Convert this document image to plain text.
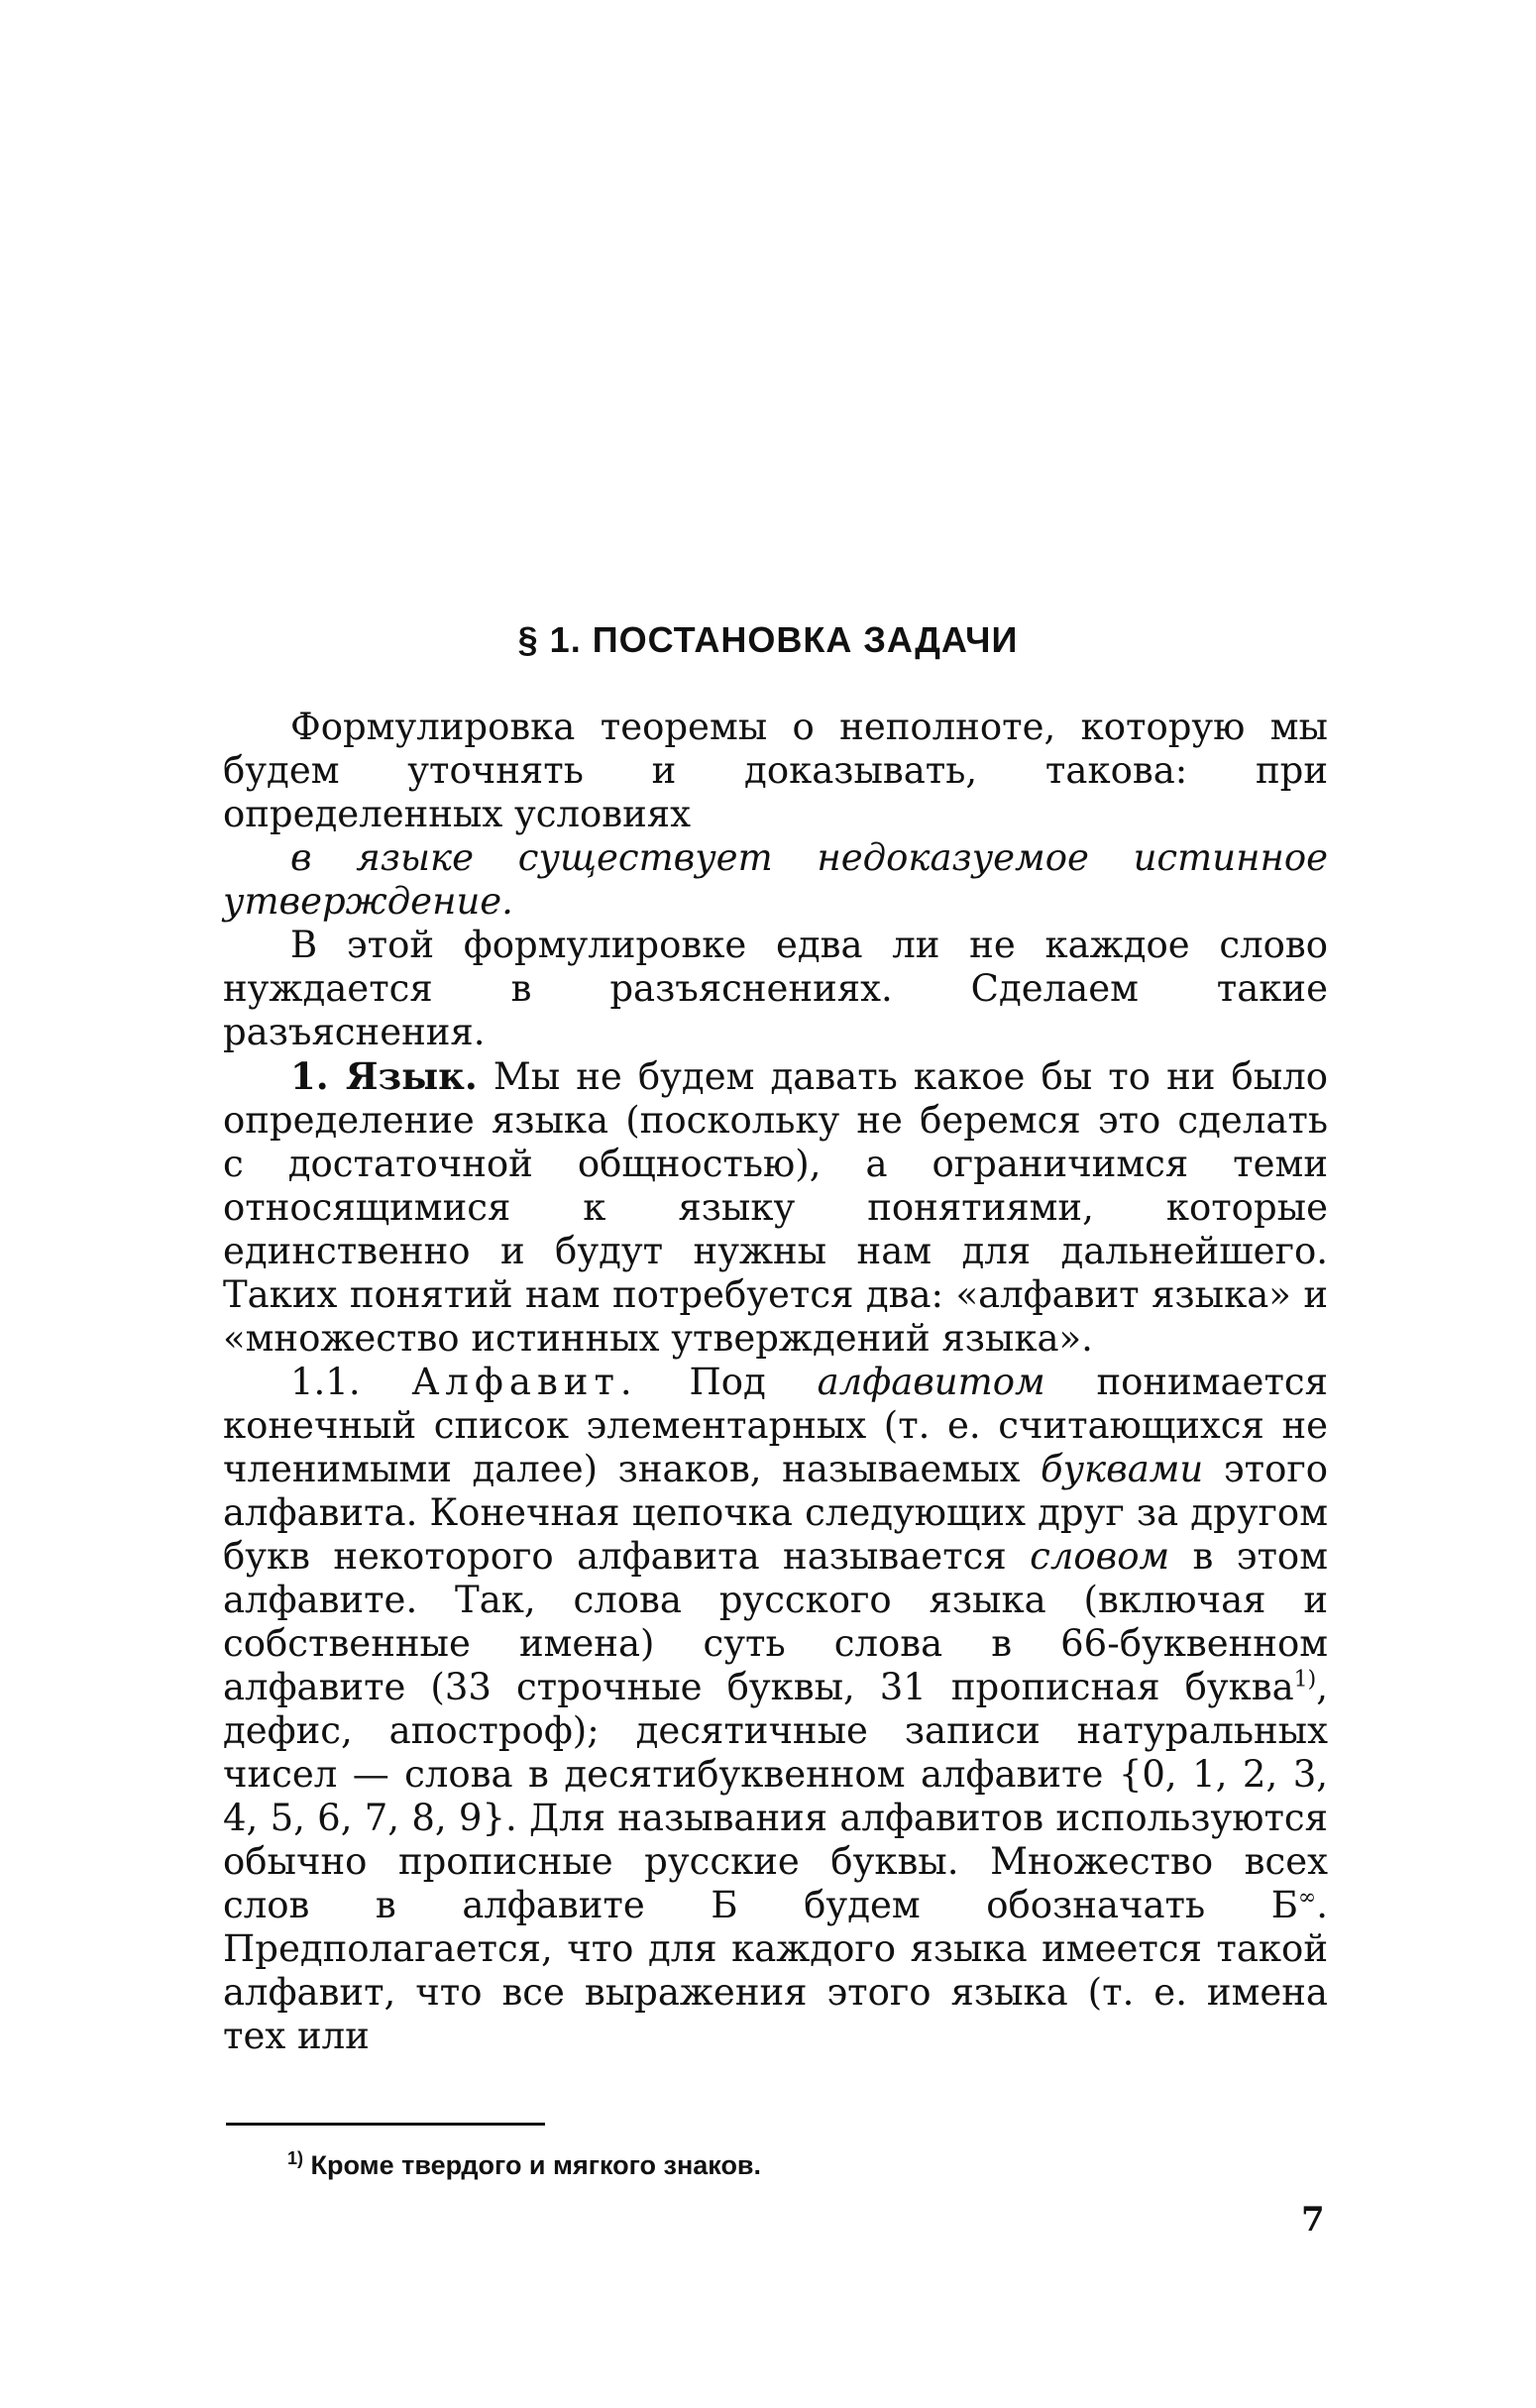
§ 1. ПОСТАНОВКА ЗАДАЧИ

Формулировка теоремы о неполноте, которую мы будем уточнять и доказывать, такова: при определенных условиях

в языке существует недоказуемое истинное утверждение.

В этой формулировке едва ли не каждое слово нуждается в разъяснениях. Сделаем такие разъяснения.

1. Язык. Мы не будем давать какое бы то ни было определение языка (поскольку не беремся это сделать с достаточной общностью), а ограничимся теми относящимися к языку понятиями, которые единственно и будут нужны нам для дальнейшего. Таких понятий нам потребуется два: «алфавит языка» и «множество истинных утверждений языка».

1.1. Алфавит. Под алфавитом понимается конечный список элементарных (т. е. считающихся не членимыми далее) знаков, называемых буквами этого алфавита. Конечная цепочка следующих друг за другом букв некоторого алфавита называется словом в этом алфавите. Так, слова русского языка (включая и собственные имена) суть слова в 66-буквенном алфавите (33 строчные буквы, 31 прописная буква$^{1)}$, дефис, апостроф); десятичные записи натуральных чисел — слова в десятибуквенном алфавите {0, 1, 2, 3, 4, 5, 6, 7, 8, 9}. Для называния алфавитов используются обычно прописные русские буквы. Множество всех слов в алфавите Б будем обозначать Б∞. Предполагается, что для каждого языка имеется такой алфавит, что все выражения этого языка (т. е. имена тех или

$^{1)}$ Кроме твердого и мягкого знаков.
7
